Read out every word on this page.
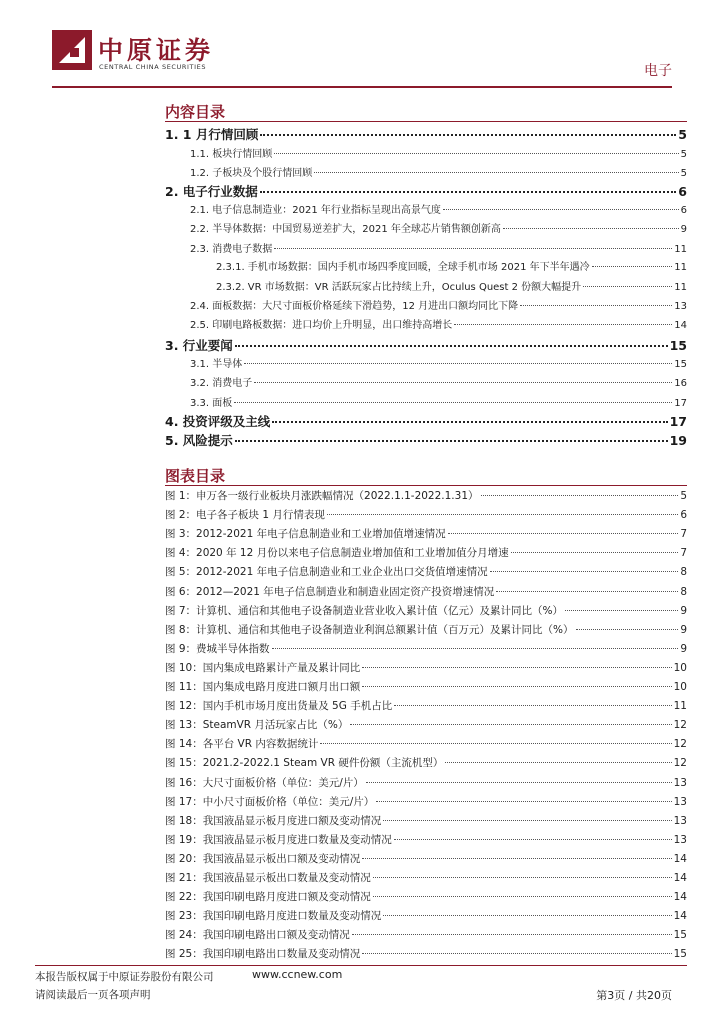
中原证券
CENTRAL CHINA SECURITIES	电子
内容目录
1. 1 月行情回顾	5
1.1. 板块行情回顾	5
1.2. 子板块及个股行情回顾	5
2. 电子行业数据	6
2.1. 电子信息制造业：2021 年行业指标呈现出高景气度	6
2.2. 半导体数据：中国贸易逆差扩大，2021 年全球芯片销售额创新高	9
2.3. 消费电子数据	11
2.3.1. 手机市场数据：国内手机市场四季度回暖，全球手机市场 2021 年下半年遇冷	11
2.3.2. VR 市场数据：VR 活跃玩家占比持续上升，Oculus Quest 2 份额大幅提升	11
2.4. 面板数据：大尺寸面板价格延续下滑趋势，12 月进出口额均同比下降	13
2.5. 印刷电路板数据：进口均价上升明显，出口维持高增长	14
3. 行业要闻	15
3.1. 半导体	15
3.2. 消费电子	16
3.3. 面板	17
4. 投资评级及主线	17
5. 风险提示	19
图表目录
图 1：申万各一级行业板块月涨跌幅情况（2022.1.1-2022.1.31）	5
图 2：电子各子板块 1 月行情表现	6
图 3：2012-2021 年电子信息制造业和工业增加值增速情况	7
图 4：2020 年 12 月份以来电子信息制造业增加值和工业增加值分月增速	7
图 5：2012-2021 年电子信息制造业和工业企业出口交货值增速情况	8
图 6：2012—2021 年电子信息制造业和制造业固定资产投资增速情况	8
图 7：计算机、通信和其他电子设备制造业营业收入累计值（亿元）及累计同比（%）	9
图 8：计算机、通信和其他电子设备制造业利润总额累计值（百万元）及累计同比（%）	9
图 9：费城半导体指数	9
图 10：国内集成电路累计产量及累计同比	10
图 11：国内集成电路月度进口额月出口额	10
图 12：国内手机市场月度出货量及 5G 手机占比	11
图 13：SteamVR 月活玩家占比（%）	12
图 14：各平台 VR 内容数据统计	12
图 15：2021.2-2022.1 Steam VR 硬件份额（主流机型）	12
图 16：大尺寸面板价格（单位：美元/片）	13
图 17：中小尺寸面板价格（单位：美元/片）	13
图 18：我国液晶显示板月度进口额及变动情况	13
图 19：我国液晶显示板月度进口数量及变动情况	13
图 20：我国液晶显示板出口额及变动情况	14
图 21：我国液晶显示板出口数量及变动情况	14
图 22：我国印刷电路月度进口额及变动情况	14
图 23：我国印刷电路月度进口数量及变动情况	14
图 24：我国印刷电路出口额及变动情况	15
图 25：我国印刷电路出口数量及变动情况	15
本报告版权属于中原证券股份有限公司	www.ccnew.com
请阅读最后一页各项声明	第3页 / 共20页
